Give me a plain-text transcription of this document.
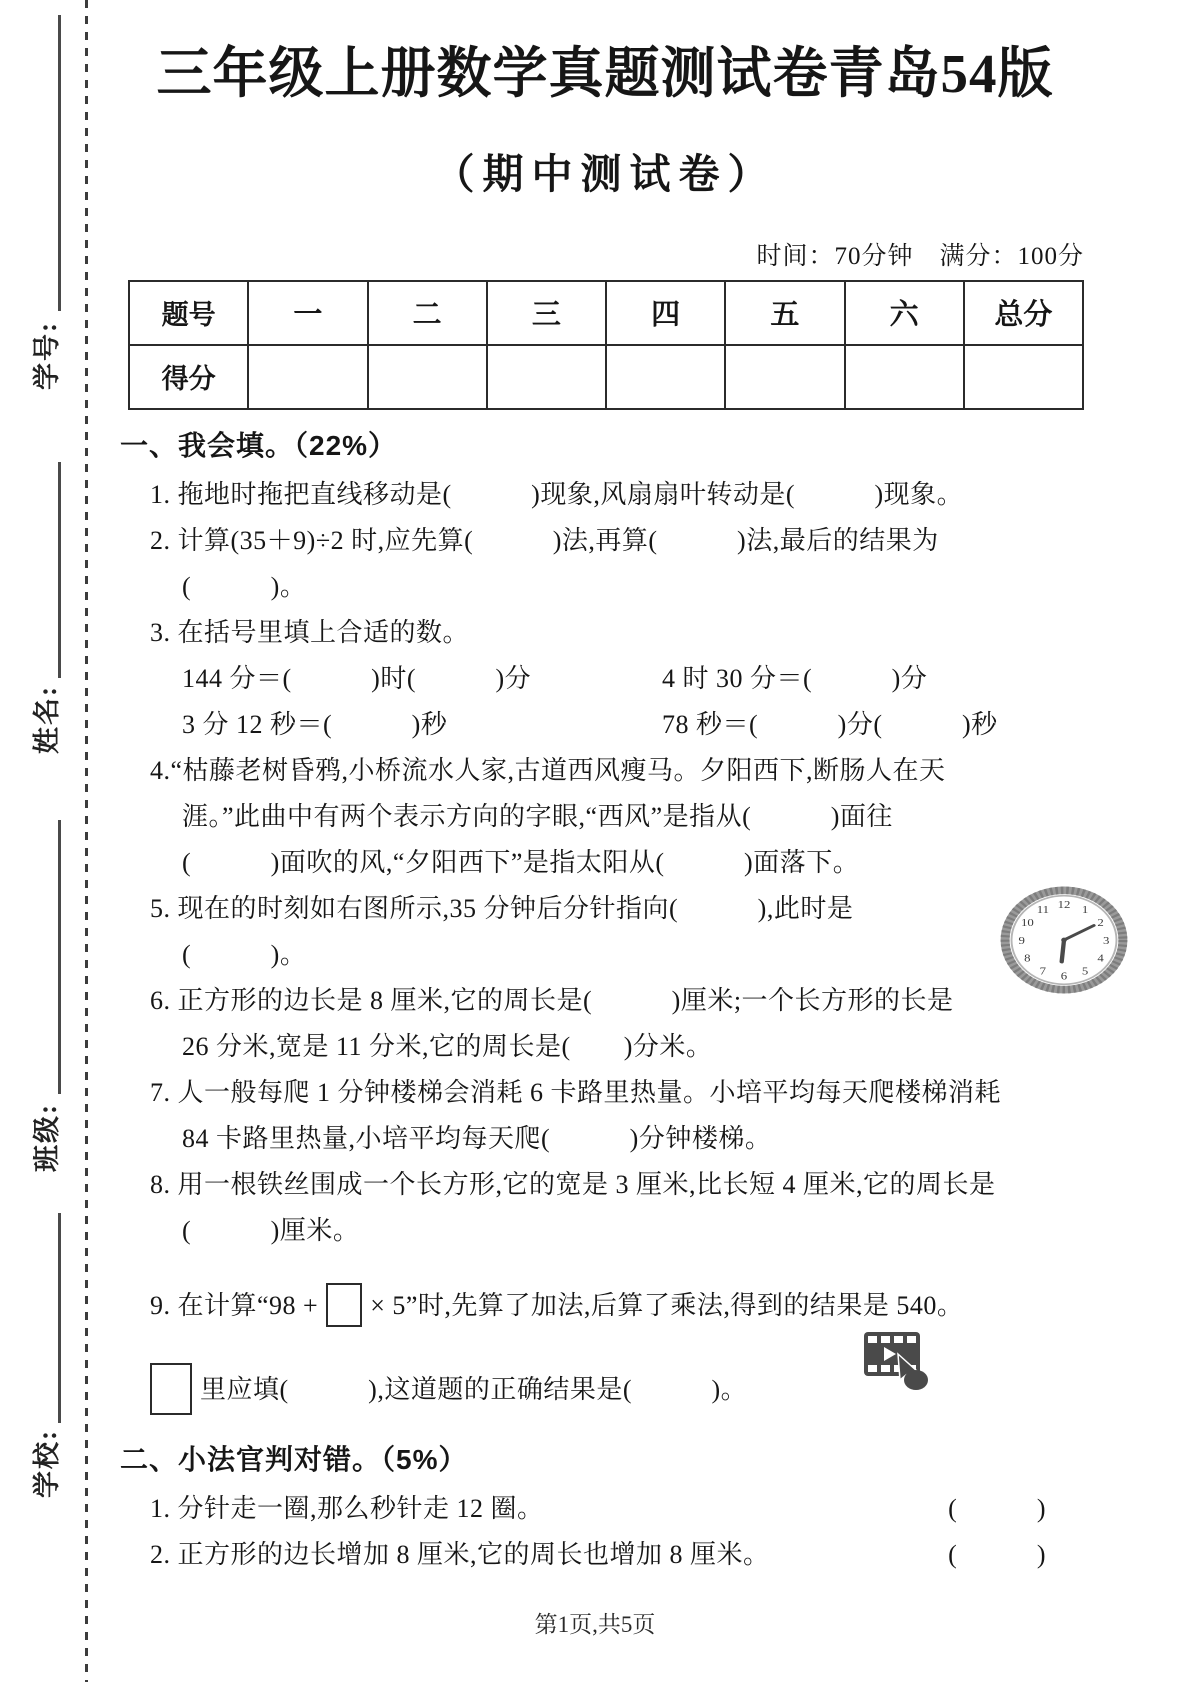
学号:
姓名:
班级:
学校:
三年级上册数学真题测试卷青岛54版
（期中测试卷）
时间：70分钟　满分：100分
题号	一	二	三	四	五	六	总分
得分							
一、我会填。（22%）
1. 拖地时拖把直线移动是(　　　)现象,风扇扇叶转动是(　　　)现象。
2. 计算(35＋9)÷2 时,应先算(　　　)法,再算(　　　)法,最后的结果为
(　　　)。
3. 在括号里填上合适的数。
144 分＝(　　　)时(　　　)分	4 时 30 分＝(　　　)分
3 分 12 秒＝(　　　)秒	78 秒＝(　　　)分(　　　)秒
4.“枯藤老树昏鸦,小桥流水人家,古道西风瘦马。夕阳西下,断肠人在天
涯。”此曲中有两个表示方向的字眼,“西风”是指从(　　　)面往
(　　　)面吹的风,“夕阳西下”是指太阳从(　　　)面落下。
5. 现在的时刻如右图所示,35 分钟后分针指向(　　　),此时是
(　　　)。
6. 正方形的边长是 8 厘米,它的周长是(　　　)厘米;一个长方形的长是
26 分米,宽是 11 分米,它的周长是(　　)分米。
7. 人一般每爬 1 分钟楼梯会消耗 6 卡路里热量。小培平均每天爬楼梯消耗
84 卡路里热量,小培平均每天爬(　　　)分钟楼梯。
8. 用一根铁丝围成一个长方形,它的宽是 3 厘米,比长短 4 厘米,它的周长是
(　　　)厘米。
9. 在计算“98 + × 5”时,先算了加法,后算了乘法,得到的结果是 540。
里应填(　　　),这道题的正确结果是(　　　)。
二、小法官判对错。（5%）
1. 分针走一圈,那么秒针走 12 圈。	(　　　)
2. 正方形的边长增加 8 厘米,它的周长也增加 8 厘米。	(　　　)
12 1
2
3
4
5
6
7
8
9
10
11
第1页,共5页
